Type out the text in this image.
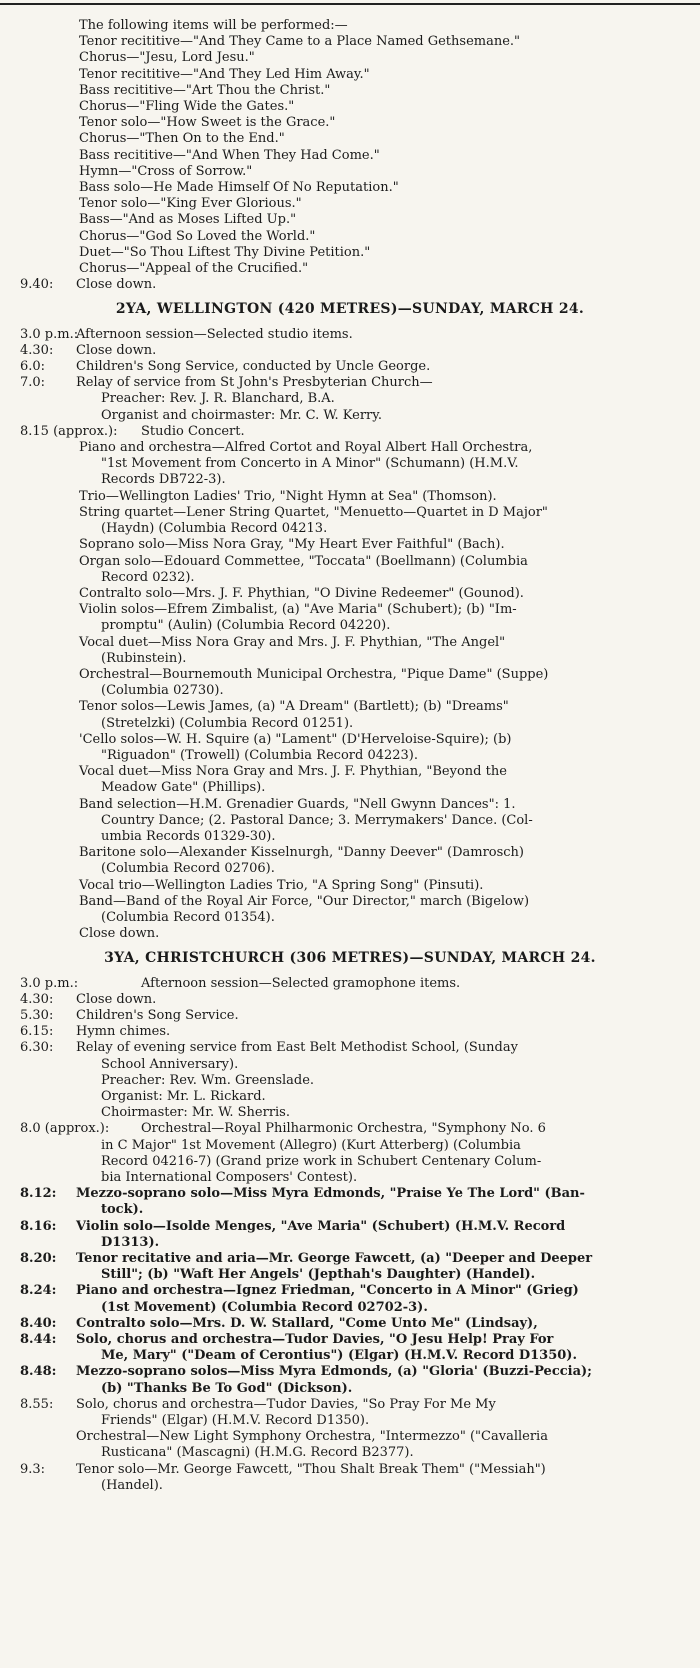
The following items will be performed:—
Tenor recititive—"And They Came to a Place Named Gethsemane."
Chorus—"Jesu, Lord Jesu."
Tenor recititive—"And They Led Him Away."
Bass recititive—"Art Thou the Christ."
Chorus—"Fling Wide the Gates."
Tenor solo—"How Sweet is the Grace."
Chorus—"Then On to the End."
Bass recititive—"And When They Had Come."
Hymn—"Cross of Sorrow."
Bass solo—He Made Himself Of No Reputation."
Tenor solo—"King Ever Glorious."
Bass—"And as Moses Lifted Up."
Chorus—"God So Loved the World."
Duet—"So Thou Liftest Thy Divine Petition."
Chorus—"Appeal of the Crucified."
9.40: Close down.
2YA, WELLINGTON (420 METRES)—SUNDAY, MARCH 24.
3.0 p.m.:
Afternoon session—Selected studio items.
4.30: Close down.
6.0: Children's Song Service, conducted by Uncle George.
7.0: Relay of service from St John's Presbyterian Church—
Preacher: Rev. J. R. Blanchard, B.A.
Organist and choirmaster: Mr. C. W. Kerry.
8.15 (approx.): Studio Concert.
Piano and orchestra—Alfred Cortot and Royal Albert Hall Orchestra,
"1st Movement from Concerto in A Minor" (Schumann) (H.M.V.
Records DB722-3).
Trio—Wellington Ladies' Trio, "Night Hymn at Sea" (Thomson).
String quartet—Lener String Quartet, "Menuetto—Quartet in D Major"
(Haydn) (Columbia Record 04213.
Soprano solo—Miss Nora Gray, "My Heart Ever Faithful" (Bach).
Organ solo—Edouard Commettee, "Toccata" (Boellmann) (Columbia
Record 0232).
Contralto solo—Mrs. J. F. Phythian, "O Divine Redeemer" (Gounod).
Violin solos—Efrem Zimbalist, (a) "Ave Maria" (Schubert); (b) "Im-
promptu" (Aulin) (Columbia Record 04220).
Vocal duet—Miss Nora Gray and Mrs. J. F. Phythian, "The Angel"
(Rubinstein).
Orchestral—Bournemouth Municipal Orchestra, "Pique Dame" (Suppe)
(Columbia 02730).
Tenor solos—Lewis James, (a) "A Dream" (Bartlett); (b) "Dreams"
(Stretelzki) (Columbia Record 01251).
'Cello solos—W. H. Squire (a) "Lament" (D'Herveloise-Squire); (b)
"Riguadon" (Trowell) (Columbia Record 04223).
Vocal duet—Miss Nora Gray and Mrs. J. F. Phythian, "Beyond the
Meadow Gate" (Phillips).
Band selection—H.M. Grenadier Guards, "Nell Gwynn Dances": 1.
Country Dance; (2. Pastoral Dance; 3. Merrymakers' Dance. (Col-
umbia Records 01329-30).
Baritone solo—Alexander Kisselnurgh, "Danny Deever" (Damrosch)
(Columbia Record 02706).
Vocal trio—Wellington Ladies Trio, "A Spring Song" (Pinsuti).
Band—Band of the Royal Air Force, "Our Director," march (Bigelow)
(Columbia Record 01354).
Close down.
3YA, CHRISTCHURCH (306 METRES)—SUNDAY, MARCH 24.
3.0 p.m.:	Afternoon session—Selected gramophone items.
4.30: Close down.
5.30: Children's Song Service.
6.15: Hymn chimes.
6.30: Relay of evening service from East Belt Methodist School, (Sunday
School Anniversary).
Preacher: Rev. Wm. Greenslade.
Organist: Mr. L. Rickard.
Choirmaster: Mr. W. Sherris.
8.0 (approx.): Orchestral—Royal Philharmonic Orchestra, "Symphony No. 6
in C Major" 1st Movement (Allegro) (Kurt Atterberg) (Columbia
Record 04216-7) (Grand prize work in Schubert Centenary Colum-
bia International Composers' Contest).
8.12: Mezzo-soprano solo—Miss Myra Edmonds, "Praise Ye The Lord" (Ban-
tock).
8.16: Violin solo—Isolde Menges, "Ave Maria" (Schubert) (H.M.V. Record
D1313).
8.20: Tenor recitative and aria—Mr. George Fawcett, (a) "Deeper and Deeper
Still"; (b) "Waft Her Angels' (Jepthah's Daughter) (Handel).
8.24: Piano and orchestra—Ignez Friedman, "Concerto in A Minor" (Grieg)
(1st Movement) (Columbia Record 02702-3).
8.40: Contralto solo—Mrs. D. W. Stallard, "Come Unto Me" (Lindsay),
8.44: Solo, chorus and orchestra—Tudor Davies, "O Jesu Help! Pray For
Me, Mary" ("Deam of Cerontius") (Elgar) (H.M.V. Record D1350).
8.48: Mezzo-soprano solos—Miss Myra Edmonds, (a) "Gloria' (Buzzi-Peccia);
(b) "Thanks Be To God" (Dickson).
8.55: Solo, chorus and orchestra—Tudor Davies, "So Pray For Me My
Friends" (Elgar) (H.M.V. Record D1350).
Orchestral—New Light Symphony Orchestra, "Intermezzo" ("Cavalleria
Rusticana" (Mascagni) (H.M.G. Record B2377).
9.3: Tenor solo—Mr. George Fawcett, "Thou Shalt Break Them" ("Messiah")
(Handel).
